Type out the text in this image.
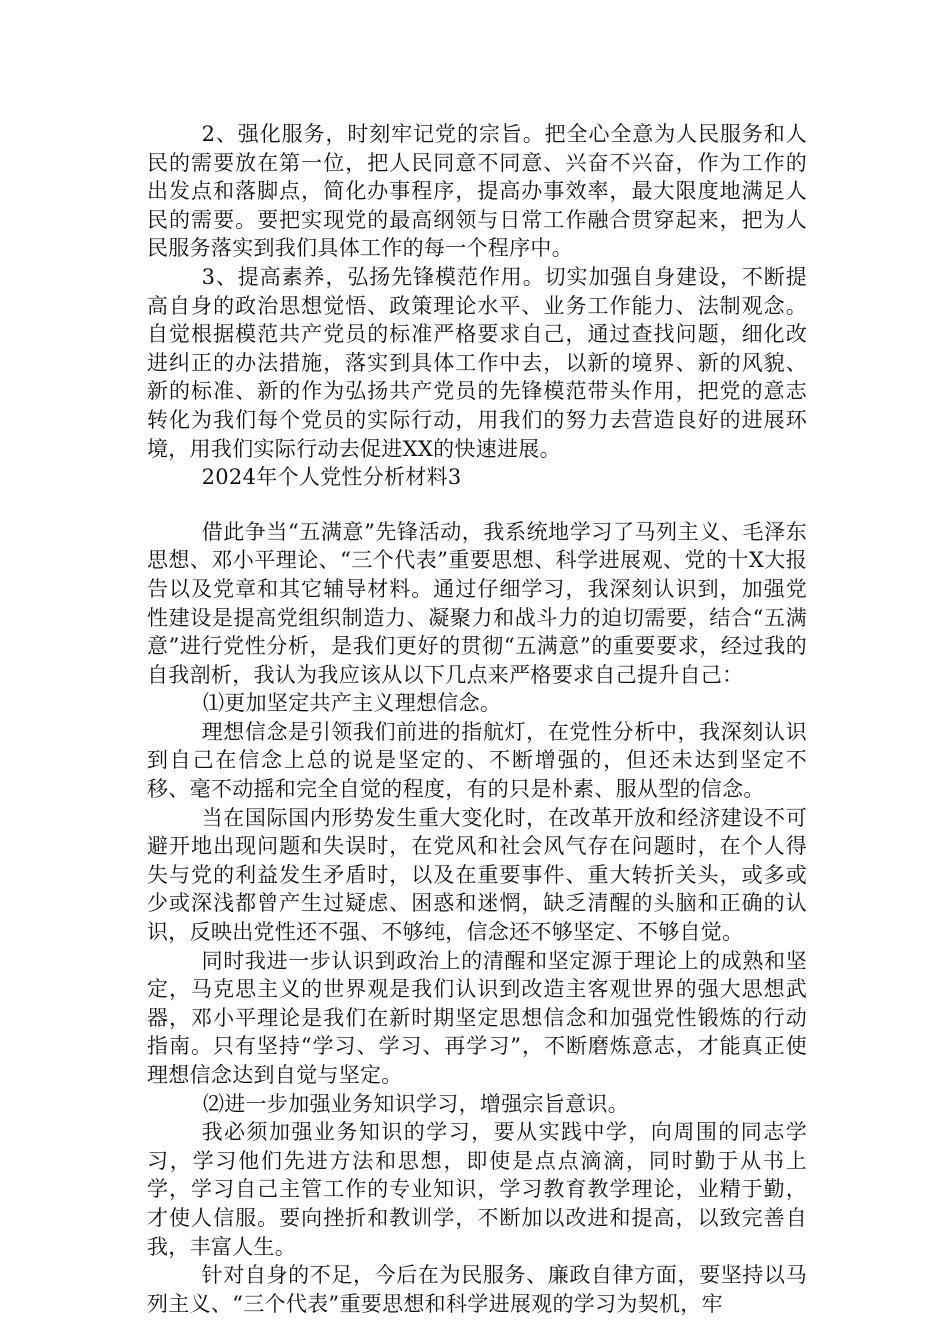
2、强化服务，时刻牢记党的宗旨。把全心全意为人民服务和人民的需要放在第一位，把人民同意不同意、兴奋不兴奋，作为工作的出发点和落脚点，简化办事程序，提高办事效率，最大限度地满足人民的需要。要把实现党的最高纲领与日常工作融合贯穿起来，把为人民服务落实到我们具体工作的每一个程序中。

3、提高素养，弘扬先锋模范作用。切实加强自身建设，不断提高自身的政治思想觉悟、政策理论水平、业务工作能力、法制观念。自觉根据模范共产党员的标准严格要求自己，通过查找问题，细化改进纠正的办法措施，落实到具体工作中去，以新的境界、新的风貌、新的标准、新的作为弘扬共产党员的先锋模范带头作用，把党的意志转化为我们每个党员的实际行动，用我们的努力去营造良好的进展环境，用我们实际行动去促进XX的快速进展。

2024年个人党性分析材料3

借此争当“五满意”先锋活动，我系统地学习了马列主义、毛泽东思想、邓小平理论、“三个代表”重要思想、科学进展观、党的十X大报告以及党章和其它辅导材料。通过仔细学习，我深刻认识到，加强党性建设是提高党组织制造力、凝聚力和战斗力的迫切需要，结合“五满意”进行党性分析，是我们更好的贯彻“五满意”的重要要求，经过我的自我剖析，我认为我应该从以下几点来严格要求自己提升自己：

⑴更加坚定共产主义理想信念。

理想信念是引领我们前进的指航灯，在党性分析中，我深刻认识到自己在信念上总的说是坚定的、不断增强的，但还未达到坚定不移、毫不动摇和完全自觉的程度，有的只是朴素、服从型的信念。

当在国际国内形势发生重大变化时，在改革开放和经济建设不可避开地出现问题和失误时，在党风和社会风气存在问题时，在个人得失与党的利益发生矛盾时，以及在重要事件、重大转折关头，或多或少或深浅都曾产生过疑虑、困惑和迷惘，缺乏清醒的头脑和正确的认识，反映出党性还不强、不够纯，信念还不够坚定、不够自觉。

同时我进一步认识到政治上的清醒和坚定源于理论上的成熟和坚定，马克思主义的世界观是我们认识到改造主客观世界的强大思想武器，邓小平理论是我们在新时期坚定思想信念和加强党性锻炼的行动指南。只有坚持“学习、学习、再学习”，不断磨炼意志，才能真正使理想信念达到自觉与坚定。

⑵进一步加强业务知识学习，增强宗旨意识。

我必须加强业务知识的学习，要从实践中学，向周围的同志学习，学习他们先进方法和思想，即使是点点滴滴，同时勤于从书上学，学习自己主管工作的专业知识，学习教育教学理论，业精于勤，才使人信服。要向挫折和教训学，不断加以改进和提高，以致完善自我，丰富人生。

针对自身的不足，今后在为民服务、廉政自律方面，要坚持以马列主义、“三个代表”重要思想和科学进展观的学习为契机，牢
